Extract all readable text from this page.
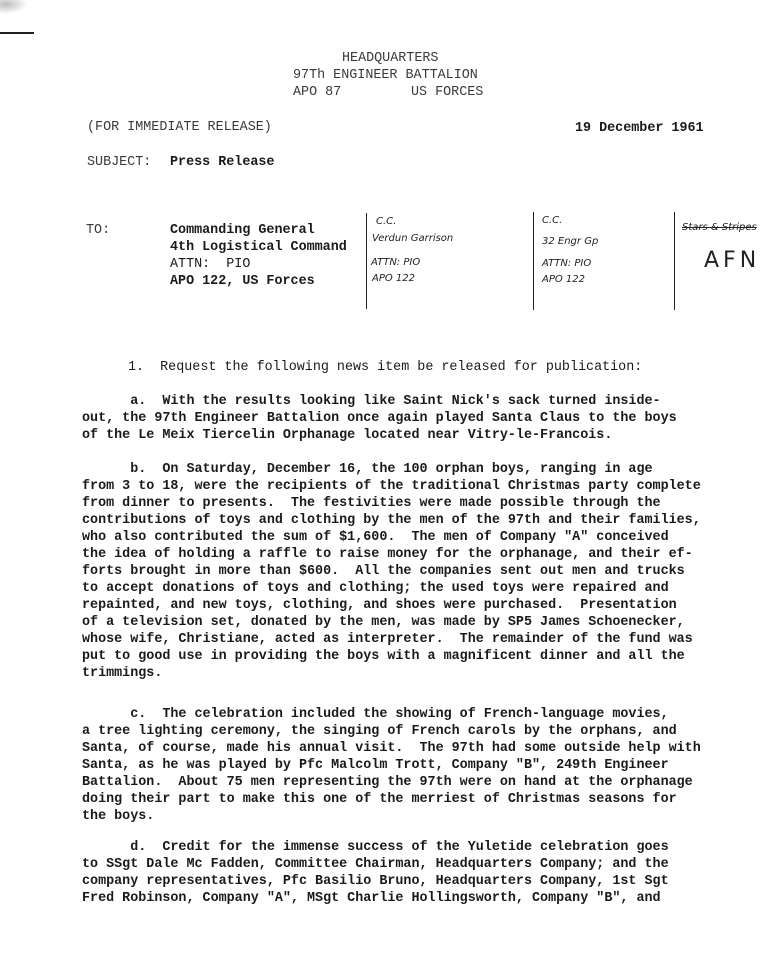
HEADQUARTERS
97Th ENGINEER BATTALION
APO 87	US FORCES
(FOR IMMEDIATE RELEASE)	19 December 1961
SUBJECT: Press Release
TO:	Commanding General
4th Logistical Command
ATTN:  PIO
APO 122, US Forces
C.C.
Verdun Garrison
ATTN: PIO
APO 122
C.C.
32 Engr Gp
ATTN: PIO
APO 122
Stars & Stripes
AFN
1.  Request the following news item be released for publication:
a.  With the results looking like Saint Nick's sack turned inside-
out, the 97th Engineer Battalion once again played Santa Claus to the boys
of the Le Meix Tiercelin Orphanage located near Vitry-le-Francois.
b.  On Saturday, December 16, the 100 orphan boys, ranging in age
from 3 to 18, were the recipients of the traditional Christmas party complete
from dinner to presents.  The festivities were made possible through the
contributions of toys and clothing by the men of the 97th and their families,
who also contributed the sum of $1,600.  The men of Company "A" conceived
the idea of holding a raffle to raise money for the orphanage, and their ef-
forts brought in more than $600.  All the companies sent out men and trucks
to accept donations of toys and clothing; the used toys were repaired and
repainted, and new toys, clothing, and shoes were purchased.  Presentation
of a television set, donated by the men, was made by SP5 James Schoenecker,
whose wife, Christiane, acted as interpreter.  The remainder of the fund was
put to good use in providing the boys with a magnificent dinner and all the
trimmings.
c.  The celebration included the showing of French-language movies,
a tree lighting ceremony, the singing of French carols by the orphans, and
Santa, of course, made his annual visit.  The 97th had some outside help with
Santa, as he was played by Pfc Malcolm Trott, Company "B", 249th Engineer
Battalion.  About 75 men representing the 97th were on hand at the orphanage
doing their part to make this one of the merriest of Christmas seasons for
the boys.
d.  Credit for the immense success of the Yuletide celebration goes
to SSgt Dale Mc Fadden, Committee Chairman, Headquarters Company; and the
company representatives, Pfc Basilio Bruno, Headquarters Company, 1st Sgt
Fred Robinson, Company "A", MSgt Charlie Hollingsworth, Company "B", and
